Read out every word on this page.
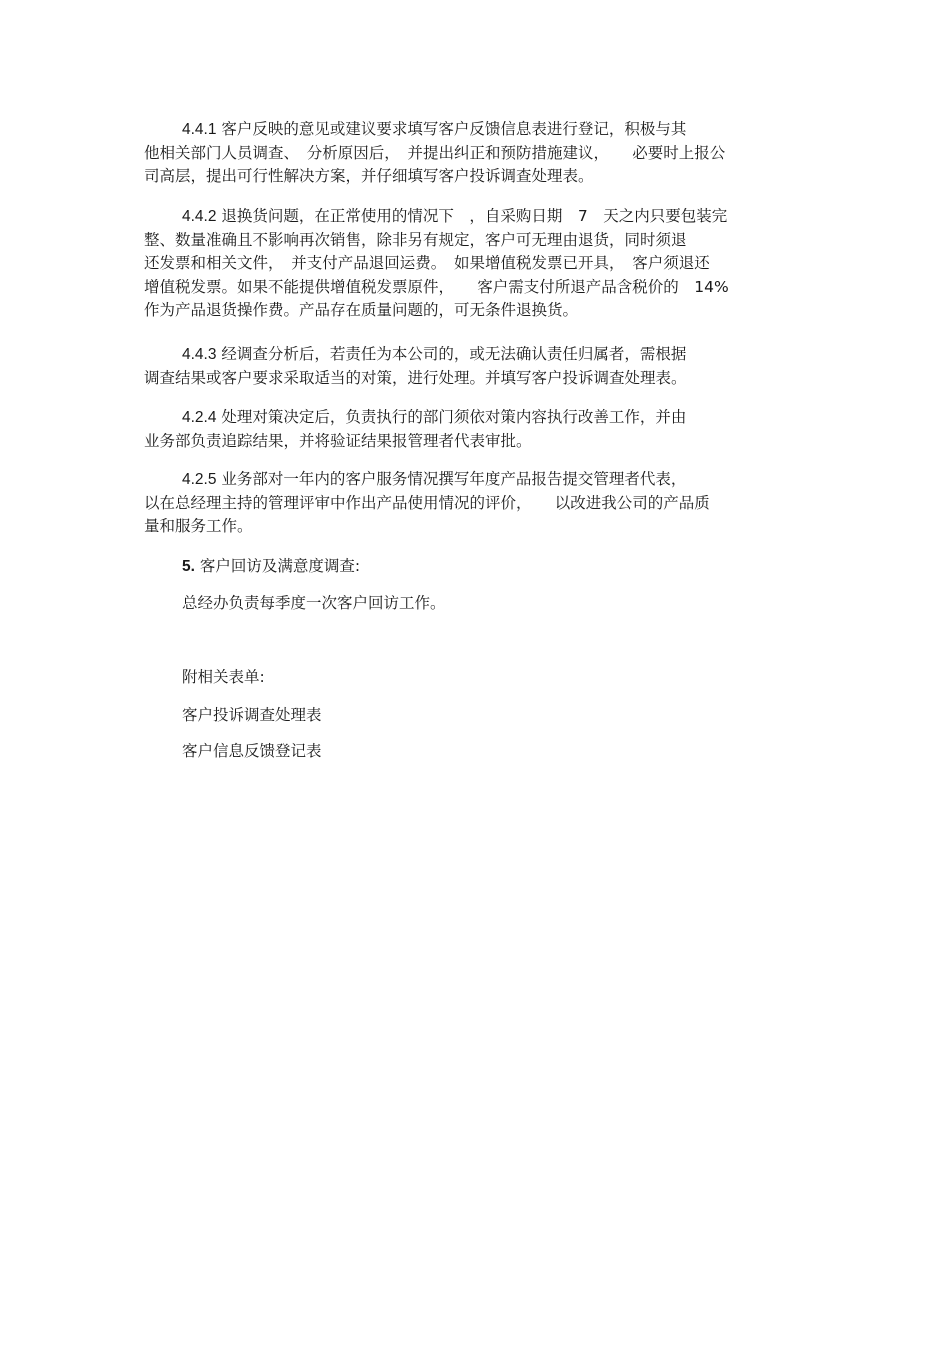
4.4.1 客户反映的意见或建议要求填写客户反馈信息表进行登记，积极与其
他相关部门人员调查、　分析原因后，　并提出纠正和预防措施建议，　　必要时上报公
司高层，提出可行性解决方案，并仔细填写客户投诉调查处理表。
4.4.2 退换货问题，在正常使用的情况下　，自采购日期　7　天之内只要包装完
整、数量准确且不影响再次销售，除非另有规定，客户可无理由退货，同时须退
还发票和相关文件，　并支付产品退回运费。　如果增值税发票已开具，　客户须退还
增值税发票。如果不能提供增值税发票原件，　　客户需支付所退产品含税价的　14%
作为产品退货操作费。产品存在质量问题的，可无条件退换货。
4.4.3 经调查分析后，若责任为本公司的，或无法确认责任归属者，需根据
调查结果或客户要求采取适当的对策，进行处理。并填写客户投诉调查处理表。
4.2.4 处理对策决定后，负责执行的部门须依对策内容执行改善工作，并由
业务部负责追踪结果，并将验证结果报管理者代表审批。
4.2.5 业务部对一年内的客户服务情况撰写年度产品报告提交管理者代表，
以在总经理主持的管理评审中作出产品使用情况的评价，　　以改进我公司的产品质
量和服务工作。
5. 客户回访及满意度调查:
总经办负责每季度一次客户回访工作。
附相关表单:
客户投诉调查处理表
客户信息反馈登记表
